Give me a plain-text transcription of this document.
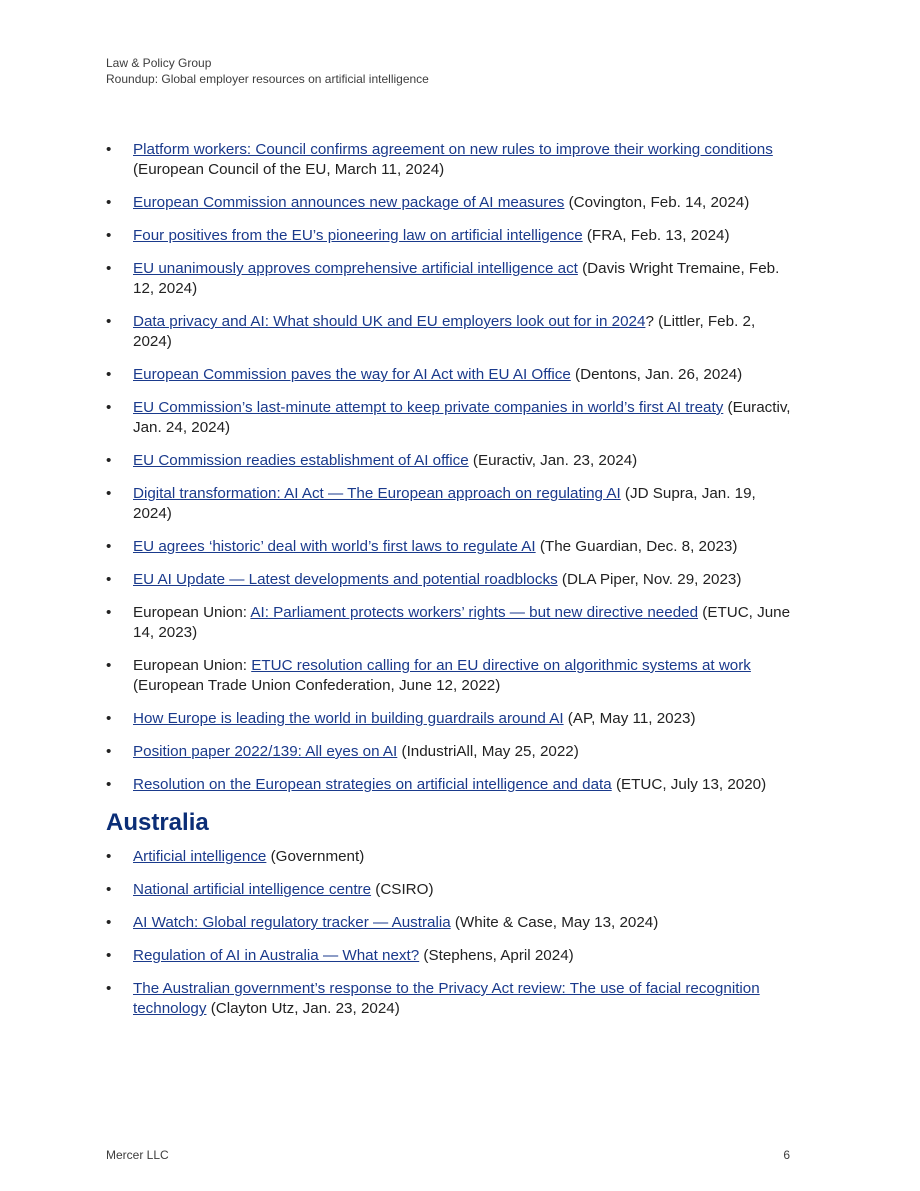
Law & Policy Group
Roundup: Global employer resources on artificial intelligence
• Platform workers: Council confirms agreement on new rules to improve their working conditions (European Council of the EU, March 11, 2024)
• European Commission announces new package of AI measures (Covington, Feb. 14, 2024)
• Four positives from the EU’s pioneering law on artificial intelligence (FRA, Feb. 13, 2024)
• EU unanimously approves comprehensive artificial intelligence act (Davis Wright Tremaine, Feb. 12, 2024)
• Data privacy and AI: What should UK and EU employers look out for in 2024? (Littler, Feb. 2, 2024)
• European Commission paves the way for AI Act with EU AI Office (Dentons, Jan. 26, 2024)
• EU Commission’s last-minute attempt to keep private companies in world’s first AI treaty (Euractiv, Jan. 24, 2024)
• EU Commission readies establishment of AI office (Euractiv, Jan. 23, 2024)
• Digital transformation: AI Act — The European approach on regulating AI (JD Supra, Jan. 19, 2024)
• EU agrees ‘historic’ deal with world’s first laws to regulate AI (The Guardian, Dec. 8, 2023)
• EU AI Update — Latest developments and potential roadblocks (DLA Piper, Nov. 29, 2023)
• European Union: AI: Parliament protects workers’ rights — but new directive needed (ETUC, June 14, 2023)
• European Union: ETUC resolution calling for an EU directive on algorithmic systems at work (European Trade Union Confederation, June 12, 2022)
• How Europe is leading the world in building guardrails around AI (AP, May 11, 2023)
• Position paper 2022/139: All eyes on AI (IndustriAll, May 25, 2022)
• Resolution on the European strategies on artificial intelligence and data (ETUC, July 13, 2020)
Australia
• Artificial intelligence (Government)
• National artificial intelligence centre (CSIRO)
• AI Watch: Global regulatory tracker — Australia (White & Case, May 13, 2024)
• Regulation of AI in Australia — What next? (Stephens, April 2024)
• The Australian government’s response to the Privacy Act review: The use of facial recognition technology (Clayton Utz, Jan. 23, 2024)
Mercer LLC	6
